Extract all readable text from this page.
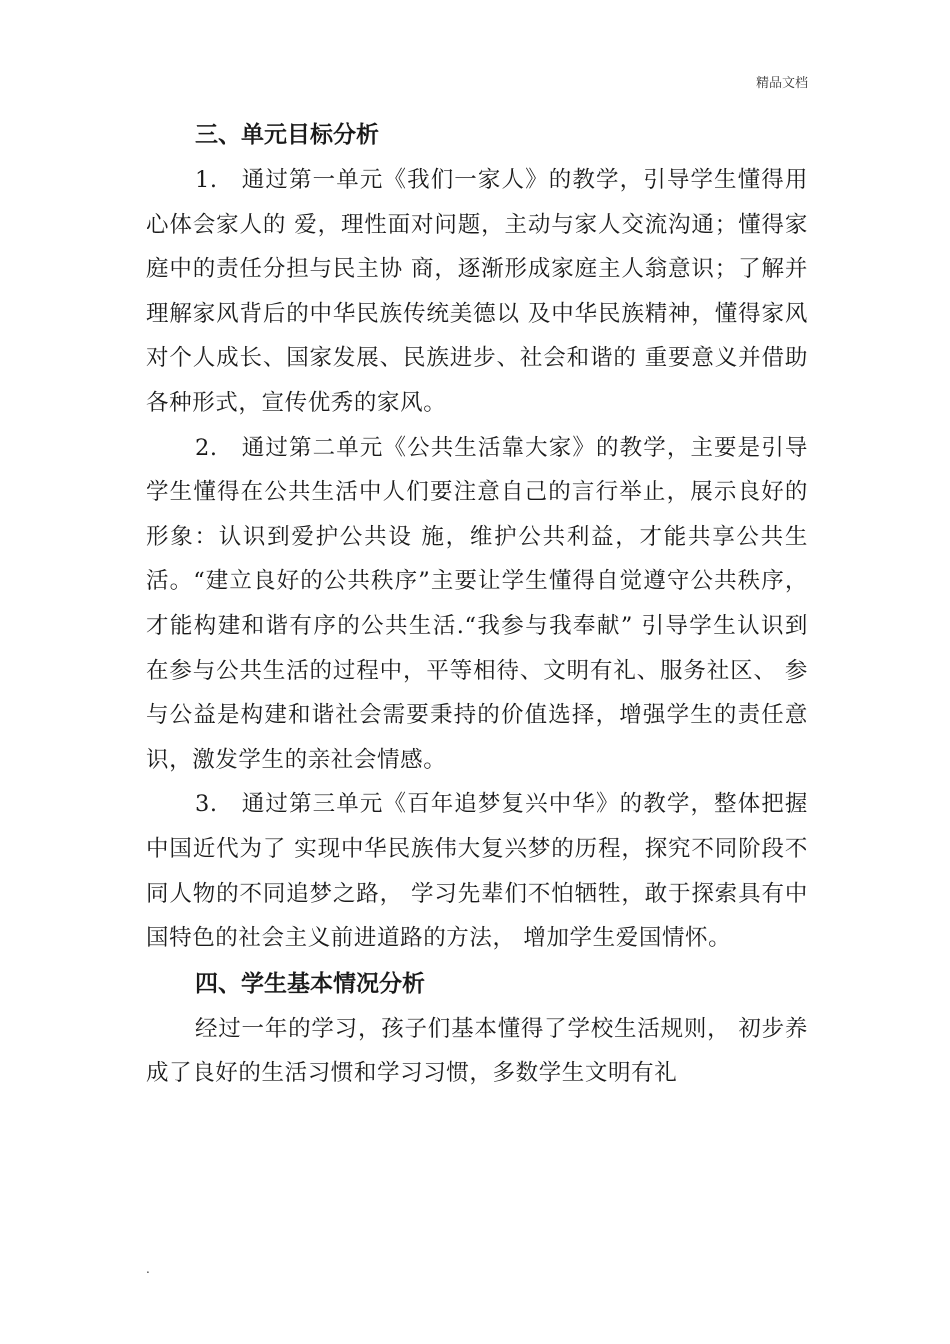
精品文档
三、单元目标分析

1.　通过第一单元《我们一家人》的教学，引导学生懂得用心体会家人的 爱，理性面对问题，主动与家人交流沟通；懂得家庭中的责任分担与民主协 商，逐渐形成家庭主人翁意识；了解并理解家风背后的中华民族传统美德以 及中华民族精神，懂得家风对个人成长、国家发展、民族进步、社会和谐的 重要意义并借助各种形式，宣传优秀的家风。

2.　通过第二单元《公共生活靠大家》的教学，主要是引导学生懂得在公共生活中人们要注意自己的言行举止，展示良好的形象：认识到爱护公共设 施，维护公共利益，才能共享公共生活。“建立良好的公共秩序”主要让学生懂得自觉遵守公共秩序，才能构建和谐有序的公共生活.“我参与我奉献” 引导学生认识到在参与公共生活的过程中，平等相待、文明有礼、服务社区、 参与公益是构建和谐社会需要秉持的价值选择，增强学生的责任意识，激发学生的亲社会情感。

3.　通过第三单元《百年追梦复兴中华》的教学，整体把握中国近代为了 实现中华民族伟大复兴梦的历程，探究不同阶段不同人物的不同追梦之路， 学习先辈们不怕牺牲，敢于探索具有中国特色的社会主义前进道路的方法， 增加学生爱国情怀。

四、学生基本情况分析

经过一年的学习，孩子们基本懂得了学校生活规则， 初步养成了良好的生活习惯和学习习惯，多数学生文明有礼

.
